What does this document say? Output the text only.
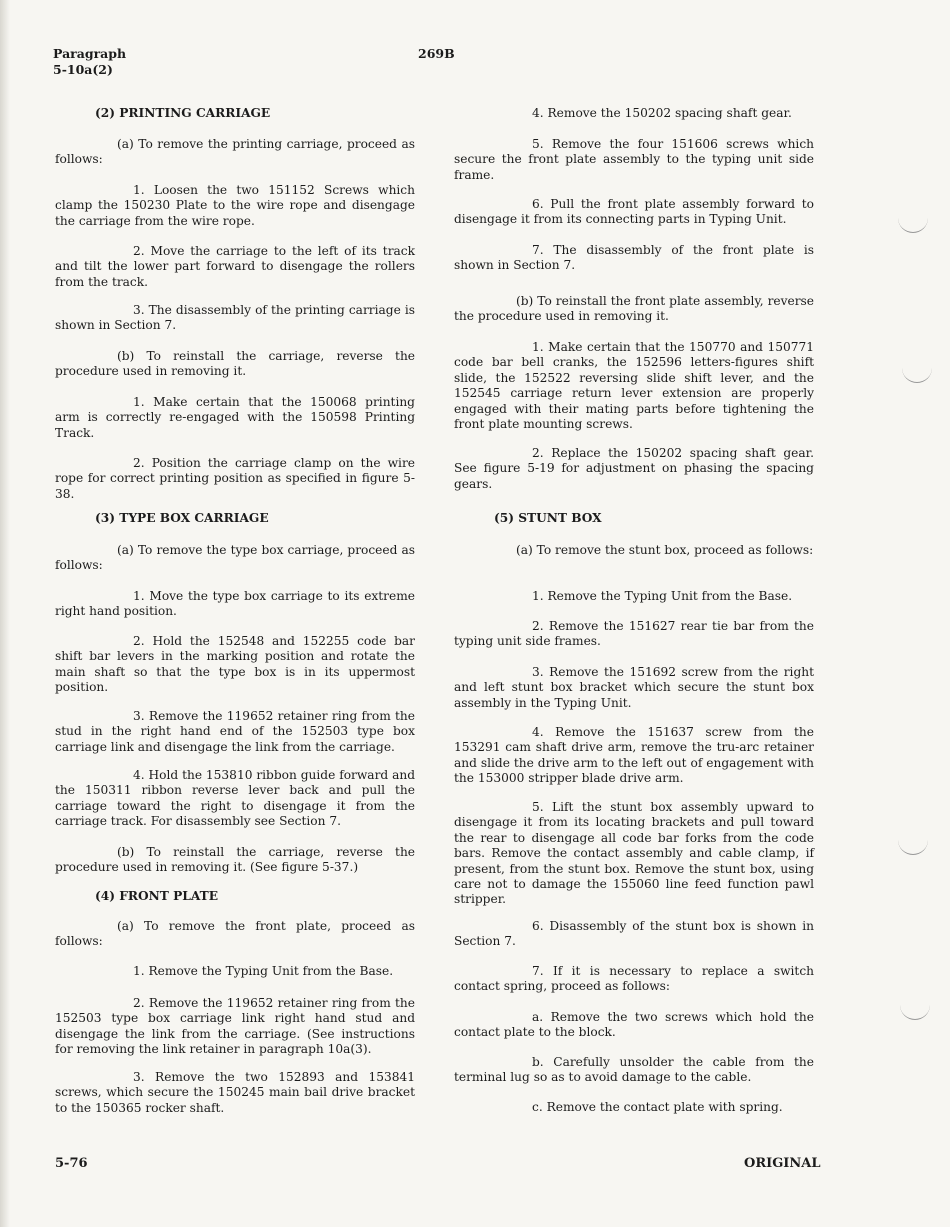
Paragraph
5-10a(2)
269B

(2) PRINTING CARRIAGE

(a) To remove the printing carriage, proceed as follows:

1. Loosen the two 151152 Screws which clamp the 150230 Plate to the wire rope and disengage the carriage from the wire rope.

2. Move the carriage to the left of its track and tilt the lower part forward to disengage the rollers from the track.

3. The disassembly of the printing carriage is shown in Section 7.

(b) To reinstall the carriage, reverse the procedure used in removing it.

1. Make certain that the 150068 printing arm is correctly re-engaged with the 150598 Printing Track.

2. Position the carriage clamp on the wire rope for correct printing position as specified in figure 5-38.

(3) TYPE BOX CARRIAGE

(a) To remove the type box carriage, proceed as follows:

1. Move the type box carriage to its extreme right hand position.

2. Hold the 152548 and 152255 code bar shift bar levers in the marking position and rotate the main shaft so that the type box is in its uppermost position.

3. Remove the 119652 retainer ring from the stud in the right hand end of the 152503 type box carriage link and disengage the link from the carriage.

4. Hold the 153810 ribbon guide forward and the 150311 ribbon reverse lever back and pull the carriage toward the right to disengage it from the carriage track. For disassembly see Section 7.

(b) To reinstall the carriage, reverse the procedure used in removing it. (See figure 5-37.)

(4) FRONT PLATE

(a) To remove the front plate, proceed as follows:

1. Remove the Typing Unit from the Base.

2. Remove the 119652 retainer ring from the 152503 type box carriage link right hand stud and disengage the link from the carriage. (See instructions for removing the link retainer in paragraph 10a(3).

3. Remove the two 152893 and 153841 screws, which secure the 150245 main bail drive bracket to the 150365 rocker shaft.

4. Remove the 150202 spacing shaft gear.

5. Remove the four 151606 screws which secure the front plate assembly to the typing unit side frame.

6. Pull the front plate assembly forward to disengage it from its connecting parts in Typing Unit.

7. The disassembly of the front plate is shown in Section 7.

(b) To reinstall the front plate assembly, reverse the procedure used in removing it.

1. Make certain that the 150770 and 150771 code bar bell cranks, the 152596 letters-figures shift slide, the 152522 reversing slide shift lever, and the 152545 carriage return lever extension are properly engaged with their mating parts before tightening the front plate mounting screws.

2. Replace the 150202 spacing shaft gear. See figure 5-19 for adjustment on phasing the spacing gears.

(5) STUNT BOX

(a) To remove the stunt box, proceed as follows:

1. Remove the Typing Unit from the Base.

2. Remove the 151627 rear tie bar from the typing unit side frames.

3. Remove the 151692 screw from the right and left stunt box bracket which secure the stunt box assembly in the Typing Unit.

4. Remove the 151637 screw from the 153291 cam shaft drive arm, remove the tru-arc retainer and slide the drive arm to the left out of engagement with the 153000 stripper blade drive arm.

5. Lift the stunt box assembly upward to disengage it from its locating brackets and pull toward the rear to disengage all code bar forks from the code bars. Remove the contact assembly and cable clamp, if present, from the stunt box. Remove the stunt box, using care not to damage the 155060 line feed function pawl stripper.

6. Disassembly of the stunt box is shown in Section 7.

7. If it is necessary to replace a switch contact spring, proceed as follows:

a. Remove the two screws which hold the contact plate to the block.

b. Carefully unsolder the cable from the terminal lug so as to avoid damage to the cable.

c. Remove the contact plate with spring.

5-76	ORIGINAL
